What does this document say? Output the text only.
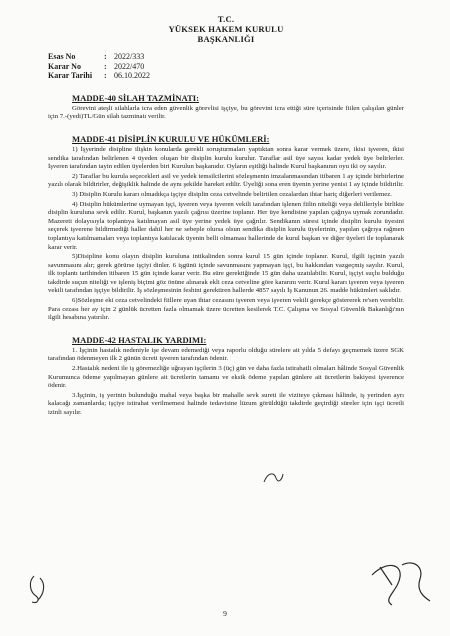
T.C.
YÜKSEK HAKEM KURULU
BAŞKANLIĞI
Esas No	: 2022/333
Karar No	: 2022/470
Karar Tarihi	: 06.10.2022
MADDE-40 SİLAH TAZMİNATI:

Görevini ateşli silahlarla icra eden güvenlik görevlisi işçiye, bu görevini icra ettiği süre içerisinde fiilen çalışılan günler için 7.-(yedi)TL/Gün silah tazminatı verilir.

MADDE-41 DİSİPLİN KURULU VE HÜKÜMLERİ:

1) İşyerinde disipline ilişkin konularda gerekli soruşturmaları yaptıktan sonra karar vermek üzere, ikisi işveren, ikisi sendika tarafından belirlenen 4 üyeden oluşan bir disiplin kurulu kurulur. Taraflar asil üye sayısı kadar yedek üye belirlerler. İşveren tarafından tayin edilen üyelerden biri Kurulun başkanıdır. Oyların eşitliği halinde Kurul başkanının oyu iki oy sayılır.

2) Taraflar bu kurula seçecekleri asil ve yedek temsilcilerini sözleşmenin imzalanmasından itibaren 1 ay içinde birbirlerine yazılı olarak bildirirler, değişiklik halinde de aynı şekilde hareket edilir. Üyeliği sona eren üyenin yerine yenisi 1 ay içinde bildirilir.

3) Disiplin Kurulu kararı olmadıkça işçiye disiplin ceza cetvelinde belirtilen cezalardan ihtar hariç diğerleri verilemez.

4) Disiplin hükümlerine uymayan işçi, işveren veya işveren vekili tarafından işlenen fiilin niteliği veya delilleriyle birlikte disiplin kuruluna sevk edilir. Kurul, başkanın yazılı çağrısı üzerine toplanır. Her üye kendisine yapılan çağrıya uymak zorundadır. Mazereti dolayısıyla toplantıya katılmayan asil üye yerine yedek üye çağrılır. Sendikanın süresi içinde disiplin kurulu üyesini seçerek işverene bildirmediği haller dahil her ne sebeple olursa olsun sendika disiplin kurulu üyelerinin, yapılan çağrıya rağmen toplantıya katılmamaları veya toplantıya katılacak üyenin belli olmaması hallerinde de kurul başkan ve diğer üyeleri ile toplanarak karar verir.

5)Disipline konu olayın disiplin kuruluna intikalinden sonra kurul 15 gün içinde toplanır. Kurul, ilgili işçinin yazılı savunmasını alır; gerek görürse işçiyi dinler. 6 işgünü içinde savunmasını yapmayan işçi, bu hakkından vazgeçmiş sayılır. Kurul, ilk toplantı tarihinden itibaren 15 gün içinde karar verir. Bu süre gerektiğinde 15 gün daha uzatılabilir. Kurul, işçiyi suçlu bulduğu takdirde suçun niteliği ve işleniş biçimi göz önüne alınarak ekli ceza cetveline göre kararını verir. Kurul kararı işveren veya işveren vekili tarafından işçiye bildirilir. İş sözleşmesinin feshini gerektiren hallerde 4857 sayılı İş Kanunun 26. madde hükümleri saklıdır.

6)Sözleşme eki ceza cetvelindeki fiillere uyan ihtar cezasını işveren veya işveren vekili gerekçe göstererek re'sen verebilir. Para cezası her ay için 2 günlük ücretten fazla olmamak üzere ücretten kesilerek T.C. Çalışma ve Sosyal Güvenlik Bakanlığı'nın ilgili hesabına yatırılır.

MADDE-42 HASTALIK YARDIMI:

1. İşçinin hastalık nedeniyle işe devam edemediği veya raporlu olduğu sürelere ait yılda 5 defayı geçmemek üzere SGK tarafından ödenmeyen ilk 2 günün ücreti işveren tarafından ödenir.

2.Hastalık nedeni ile iş göremezliğe uğrayan işçilerin 3 (üç) gün ve daha fazla istirahatli olmaları hâlinde Sosyal Güvenlik Kurumunca ödeme yapılmayan günlere ait ücretlerin tamamı ve eksik ödeme yapılan günlere ait ücretlerin bakiyesi işverence ödenir.

3.İşçinin, iş yerinin bulunduğu mahal veya başka bir mahalle sevk sureti ile viziteye çıkması hâlinde, iş yerinden ayrı kalacağı zamanlarda; işçiye istirahat verilmemesi halinde tedavisine lüzum görüldüğü takdirde geçirdiği süreler için işçi ücretli izinli sayılır.

9
